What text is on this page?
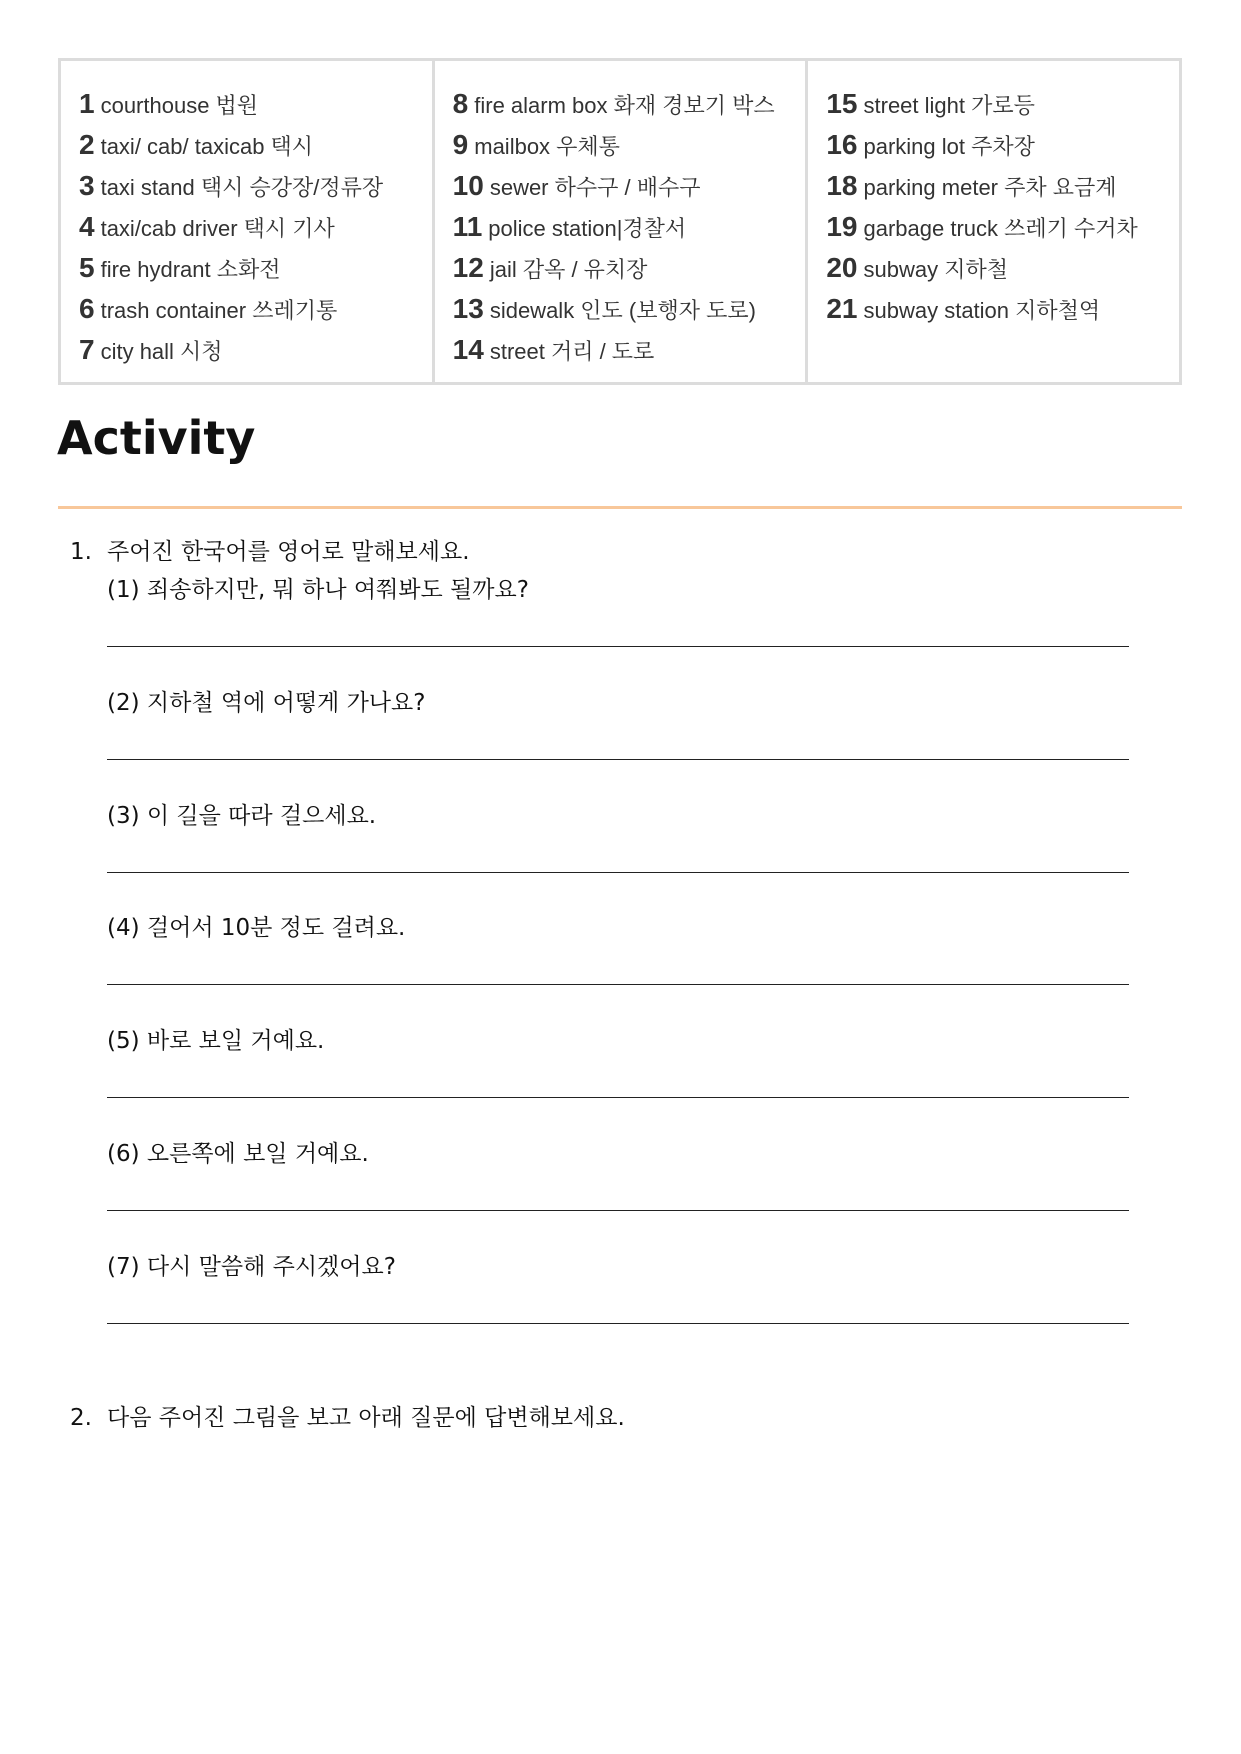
1 courthouse 법원
2 taxi/ cab/ taxicab 택시
3 taxi stand 택시 승강장/정류장
4 taxi/cab driver 택시 기사
5 fire hydrant 소화전
6 trash container 쓰레기통
7 city hall 시청
8 fire alarm box 화재 경보기 박스
9 mailbox 우체통
10 sewer 하수구 / 배수구
11 police station|경찰서
12 jail 감옥 / 유치장
13 sidewalk 인도 (보행자 도로)
14 street 거리 / 도로
15 street light 가로등
16 parking lot 주차장
18 parking meter 주차 요금계
19 garbage truck 쓰레기 수거차
20 subway 지하철
21 subway station 지하철역
Activity
1. 주어진 한국어를 영어로 말해보세요.
(1) 죄송하지만, 뭐 하나 여쭤봐도 될까요?
(2) 지하철 역에 어떻게 가나요?
(3) 이 길을 따라 걸으세요.
(4) 걸어서 10분 정도 걸려요.
(5) 바로 보일 거예요.
(6) 오른쪽에 보일 거예요.
(7) 다시 말씀해 주시겠어요?
2. 다음 주어진 그림을 보고 아래 질문에 답변해보세요.
